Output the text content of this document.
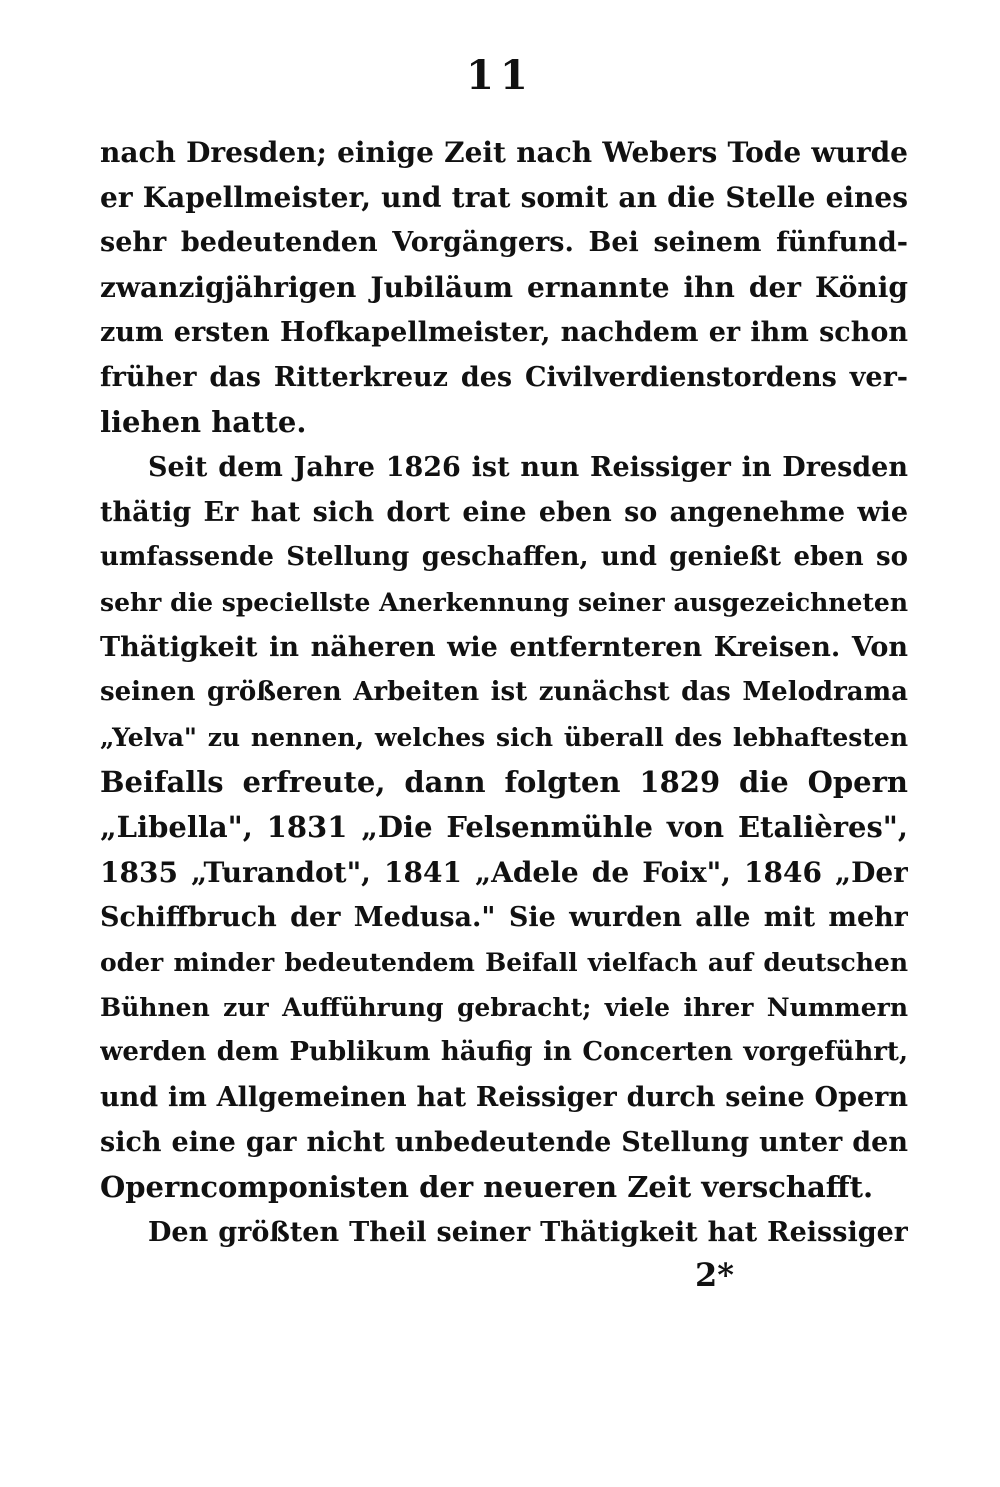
11
nach Dresden; einige Zeit nach Webers Tode wurde
er Kapellmeister, und trat somit an die Stelle eines
sehr bedeutenden Vorgängers. Bei seinem fünfund-
zwanzigjährigen Jubiläum ernannte ihn der König
zum ersten Hofkapellmeister, nachdem er ihm schon
früher das Ritterkreuz des Civilverdienstordens ver-
liehen hatte.
Seit dem Jahre 1826 ist nun Reissiger in Dresden
thätig Er hat sich dort eine eben so angenehme wie
umfassende Stellung geschaffen, und genießt eben so
sehr die speciellste Anerkennung seiner ausgezeichneten
Thätigkeit in näheren wie entfernteren Kreisen. Von
seinen größeren Arbeiten ist zunächst das Melodrama
„Yelva" zu nennen, welches sich überall des lebhaftesten
Beifalls erfreute, dann folgten 1829 die Opern
„Libella", 1831 „Die Felsenmühle von Etalières",
1835 „Turandot", 1841 „Adele de Foix", 1846 „Der
Schiffbruch der Medusa." Sie wurden alle mit mehr
oder minder bedeutendem Beifall vielfach auf deutschen
Bühnen zur Aufführung gebracht; viele ihrer Nummern
werden dem Publikum häufig in Concerten vorgeführt,
und im Allgemeinen hat Reissiger durch seine Opern
sich eine gar nicht unbedeutende Stellung unter den
Operncomponisten der neueren Zeit verschafft.
Den größten Theil seiner Thätigkeit hat Reissiger
2*
